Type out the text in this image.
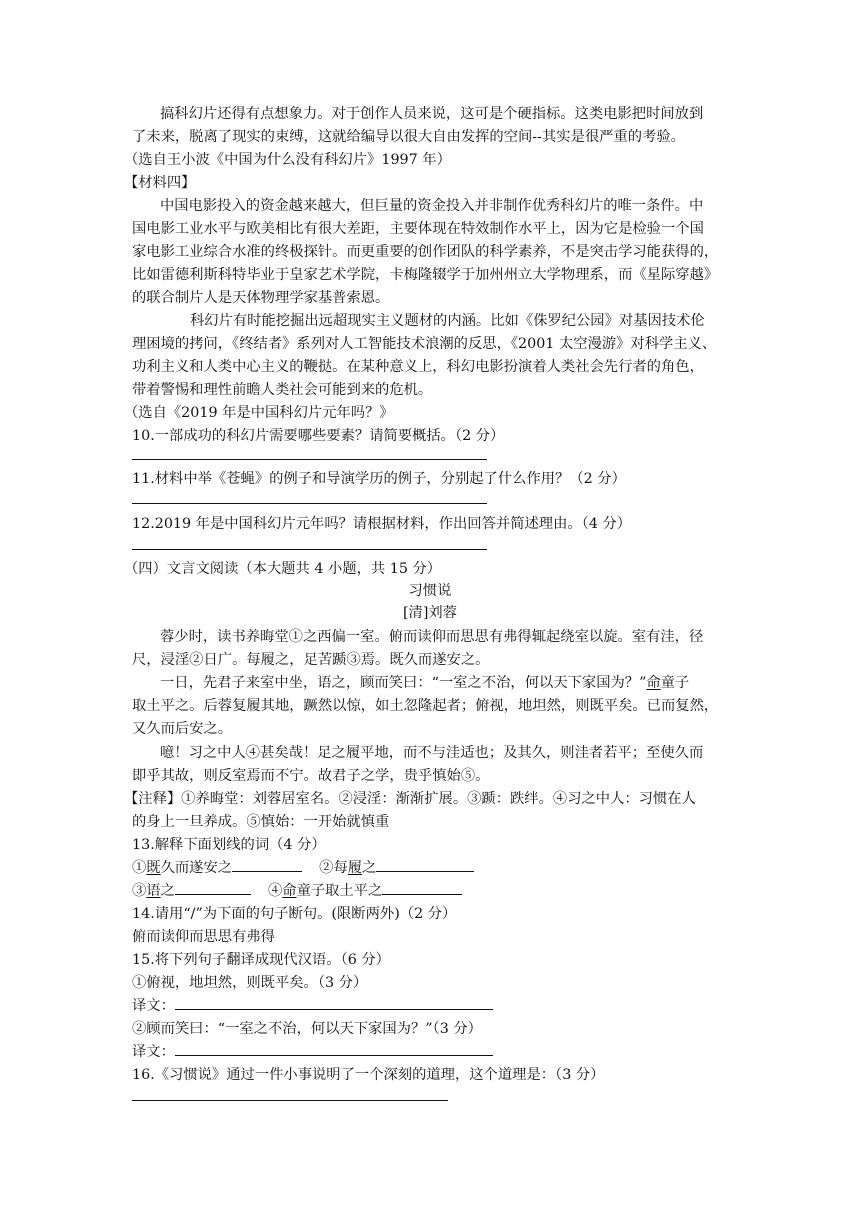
搞科幻片还得有点想象力。对于创作人员来说，这可是个硬指标。这类电影把时间放到
了未来，脱离了现实的束缚，这就给编导以很大自由发挥的空间--其实是很严重的考验。
（选自王小波《中国为什么没有科幻片》1997 年）
【材料四】
中国电影投入的资金越来越大，但巨量的资金投入并非制作优秀科幻片的唯一条件。中
国电影工业水平与欧美相比有很大差距，主要体现在特效制作水平上，因为它是检验一个国
家电影工业综合水准的终极探针。而更重要的创作团队的科学素养，不是突击学习能获得的，
比如雷德利斯科特毕业于皇家艺术学院，卡梅隆辍学于加州州立大学物理系，而《星际穿越》
的联合制片人是天体物理学家基普索恩。
科幻片有时能挖掘出远超现实主义题材的内涵。比如《侏罗纪公园》对基因技术伦
理困境的拷问，《终结者》系列对人工智能技术浪潮的反思，《2001 太空漫游》对科学主义、
功利主义和人类中心主义的鞭挞。在某种意义上，科幻电影扮演着人类社会先行者的角色，
带着警惕和理性前瞻人类社会可能到来的危机。
（选自《2019 年是中国科幻片元年吗？》
10.一部成功的科幻片需要哪些要素？请简要概括。（2 分）
11.材料中举《苍蝇》的例子和导演学历的例子，分别起了什么作用？（2 分）
12.2019 年是中国科幻片元年吗？请根据材料，作出回答并简述理由。（4 分）
（四）文言文阅读（本大题共 4 小题，共 15 分）
习惯说
[清]刘蓉
蓉少时，读书养晦堂①之西偏一室。俯而读仰而思思有弗得辄起绕室以旋。室有洼，径
尺，浸淫②日广。每履之，足苦踬③焉。既久而遂安之。
一日，先君子来室中坐，语之，顾而笑曰：“一室之不治，何以天下家国为？”命童子
取土平之。后蓉复履其地，蹶然以惊，如土忽隆起者；俯视，地坦然，则既平矣。已而复然，
又久而后安之。
噫！习之中人④甚矣哉！足之履平地，而不与洼适也；及其久，则洼者若平；至使久而
即乎其故，则反室焉而不宁。故君子之学，贵乎慎始⑤。
【注释】①养晦堂：刘蓉居室名。②浸淫：渐渐扩展。③踬：跌绊。④习之中人：习惯在人
的身上一旦养成。⑤慎始：一开始就慎重
13.解释下面划线的词（4 分）
①既久而遂安之	②每履之
③语之	④命童子取土平之
14.请用“/”为下面的句子断句。(限断两外)（2 分）
俯而读仰而思思有弗得
15.将下列句子翻译成现代汉语。（6 分）
①俯视，地坦然，则既平矣。（3 分）
译文：
②顾而笑曰：“一室之不治，何以天下家国为？”（3 分）
译文：
16.《习惯说》通过一件小事说明了一个深刻的道理，这个道理是：（3 分）
